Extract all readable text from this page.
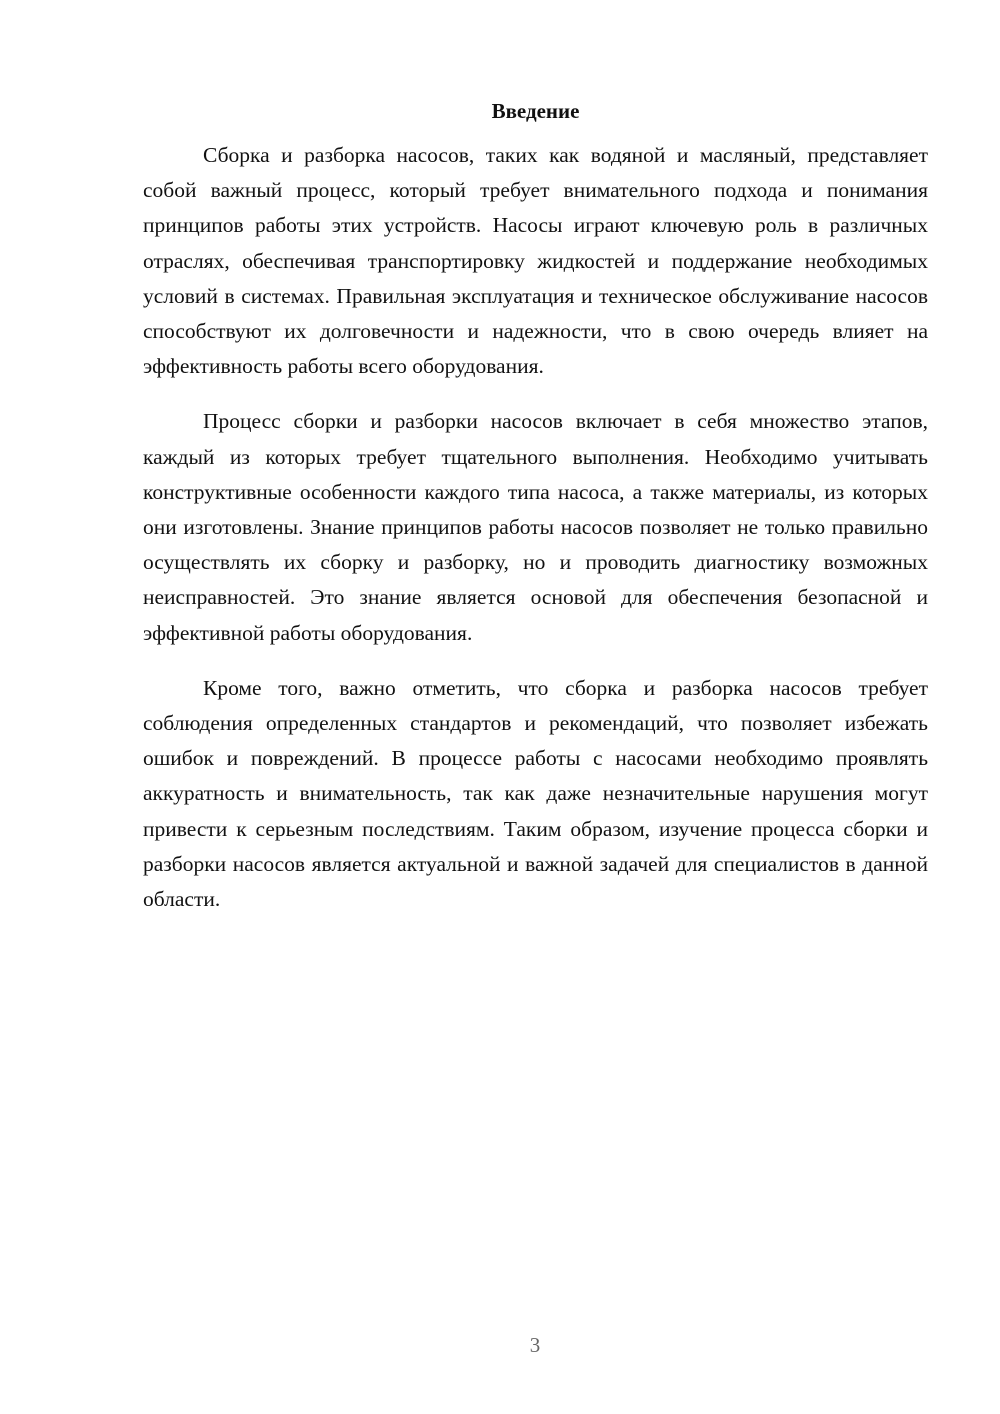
Введение

Сборка и разборка насосов, таких как водяной и масляный, представляет собой важный процесс, который требует внимательного подхода и понимания принципов работы этих устройств. Насосы играют ключевую роль в различных отраслях, обеспечивая транспортировку жидкостей и поддержание необходимых условий в системах. Правильная эксплуатация и техническое обслуживание насосов способствуют их долговечности и надежности, что в свою очередь влияет на эффективность работы всего оборудования.

Процесс сборки и разборки насосов включает в себя множество этапов, каждый из которых требует тщательного выполнения. Необходимо учитывать конструктивные особенности каждого типа насоса, а также материалы, из которых они изготовлены. Знание принципов работы насосов позволяет не только правильно осуществлять их сборку и разборку, но и проводить диагностику возможных неисправностей. Это знание является основой для обеспечения безопасной и эффективной работы оборудования.

Кроме того, важно отметить, что сборка и разборка насосов требует соблюдения определенных стандартов и рекомендаций, что позволяет избежать ошибок и повреждений. В процессе работы с насосами необходимо проявлять аккуратность и внимательность, так как даже незначительные нарушения могут привести к серьезным последствиям. Таким образом, изучение процесса сборки и разборки насосов является актуальной и важной задачей для специалистов в данной области.

3
